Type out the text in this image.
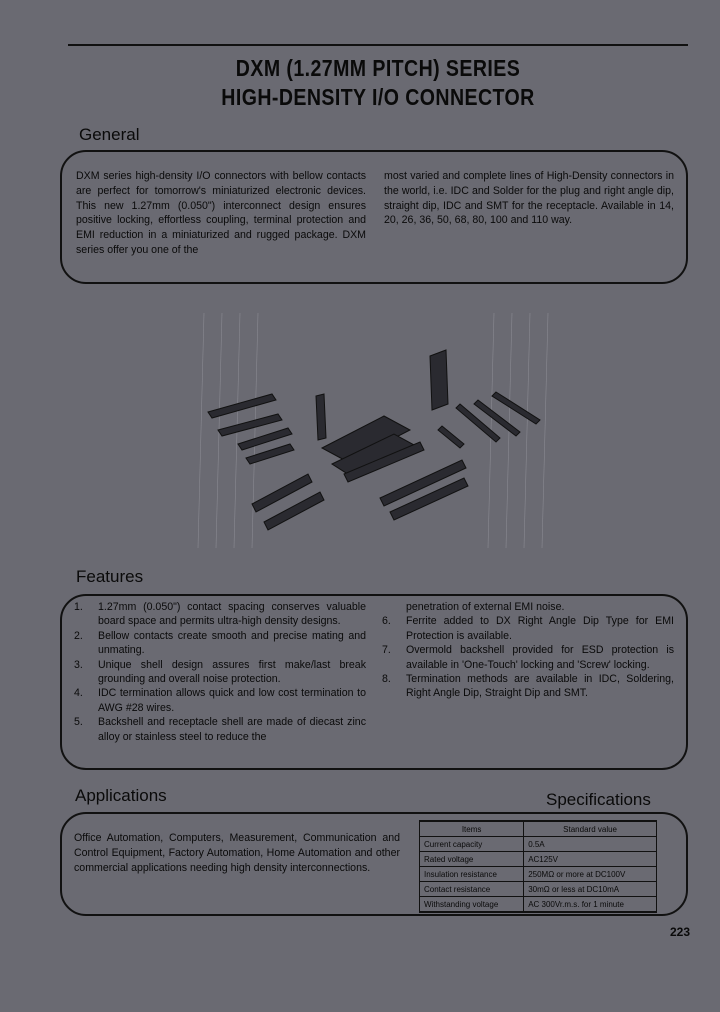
DXM (1.27MM PITCH) SERIES
HIGH-DENSITY I/O CONNECTOR
General
DXM series high-density I/O connectors with bellow contacts are perfect for tomorrow's miniaturized electronic devices. This new 1.27mm (0.050") interconnect design ensures positive locking, effortless coupling, terminal protection and EMI reduction in a miniaturized and rugged package. DXM series offer you one of the
most varied and complete lines of High-Density connectors in the world, i.e. IDC and Solder for the plug and right angle dip, straight dip, IDC and SMT for the receptacle. Available in 14, 20, 26, 36, 50, 68, 80, 100 and 110 way.
Features
1. 1.27mm (0.050") contact spacing conserves valuable board space and permits ultra-high density designs.
2. Bellow contacts create smooth and precise mating and unmating.
3. Unique shell design assures first make/last break grounding and overall noise protection.
4. IDC termination allows quick and low cost termination to AWG #28 wires.
5. Backshell and receptacle shell are made of diecast zinc alloy or stainless steel to reduce the
penetration of external EMI noise.
6. Ferrite added to DX Right Angle Dip Type for EMI Protection is available.
7. Overmold backshell provided for ESD protection is available in 'One-Touch' locking and 'Screw' locking.
8. Termination methods are available in IDC, Soldering, Right Angle Dip, Straight Dip and SMT.
Applications	Specifications
Office Automation, Computers, Measurement, Communication and Control Equipment, Factory Automation, Home Automation and other commercial applications needing high density interconnections.
Items	Standard value
Current capacity	0.5A
Rated voltage	AC125V
Insulation resistance	250MΩ or more at DC100V
Contact resistance	30mΩ or less at DC10mA
Withstanding voltage	AC 300Vr.m.s. for 1 minute
223
